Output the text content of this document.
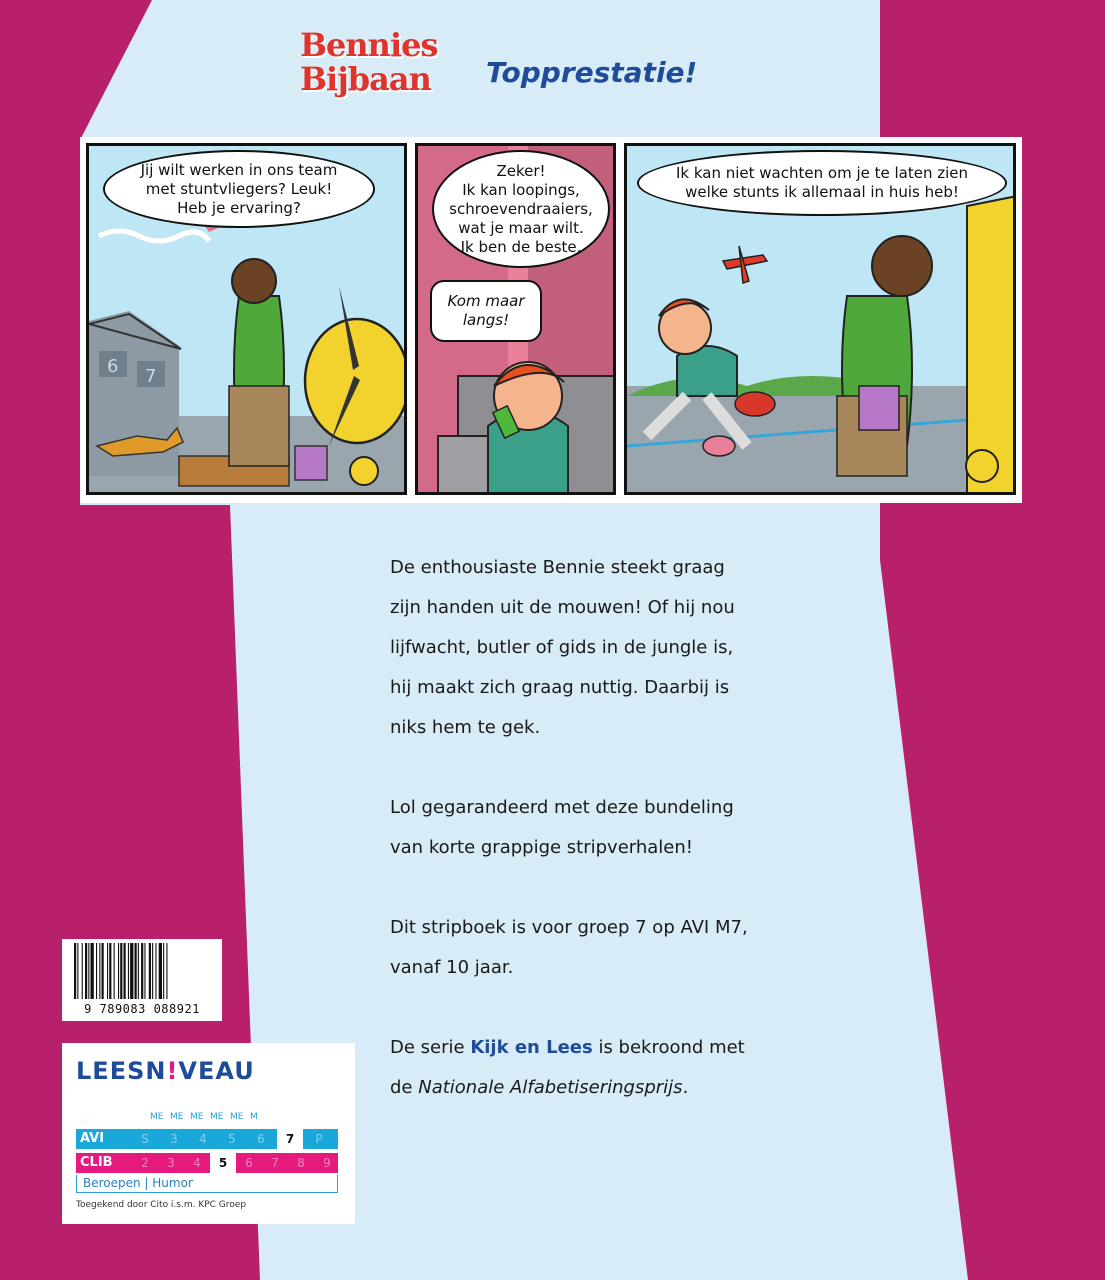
Bennies
Bijbaan	Topprestatie!
6 7
Jij wilt werken in ons team
met stuntvliegers? Leuk!
Heb je ervaring?
Zeker!
Ik kan loopings,
schroevendraaiers,
wat je maar wilt.
Ik ben de beste.
Kom maar
langs!
Ik kan niet wachten om je te laten zien
welke stunts ik allemaal in huis heb!

De enthousiaste Bennie steekt graag
zijn handen uit de mouwen! Of hij nou
lijfwacht, butler of gids in de jungle is,
hij maakt zich graag nuttig. Daarbij is
niks hem te gek.

Lol gegarandeerd met deze bundeling
van korte grappige stripverhalen!

Dit stripboek is voor groep 7 op AVI M7,
vanaf 10 jaar.

De serie Kijk en Lees is bekroond met
de Nationale Alfabetiseringsprijs.

9 789083 088921
LEESN!VEAU
ME ME ME ME ME M
AVI	S	3	4	5	6	7	P
CLIB	2	3	4	5	6	7	8	9
Beroepen | Humor
Toegekend door Cito i.s.m. KPC Groep
